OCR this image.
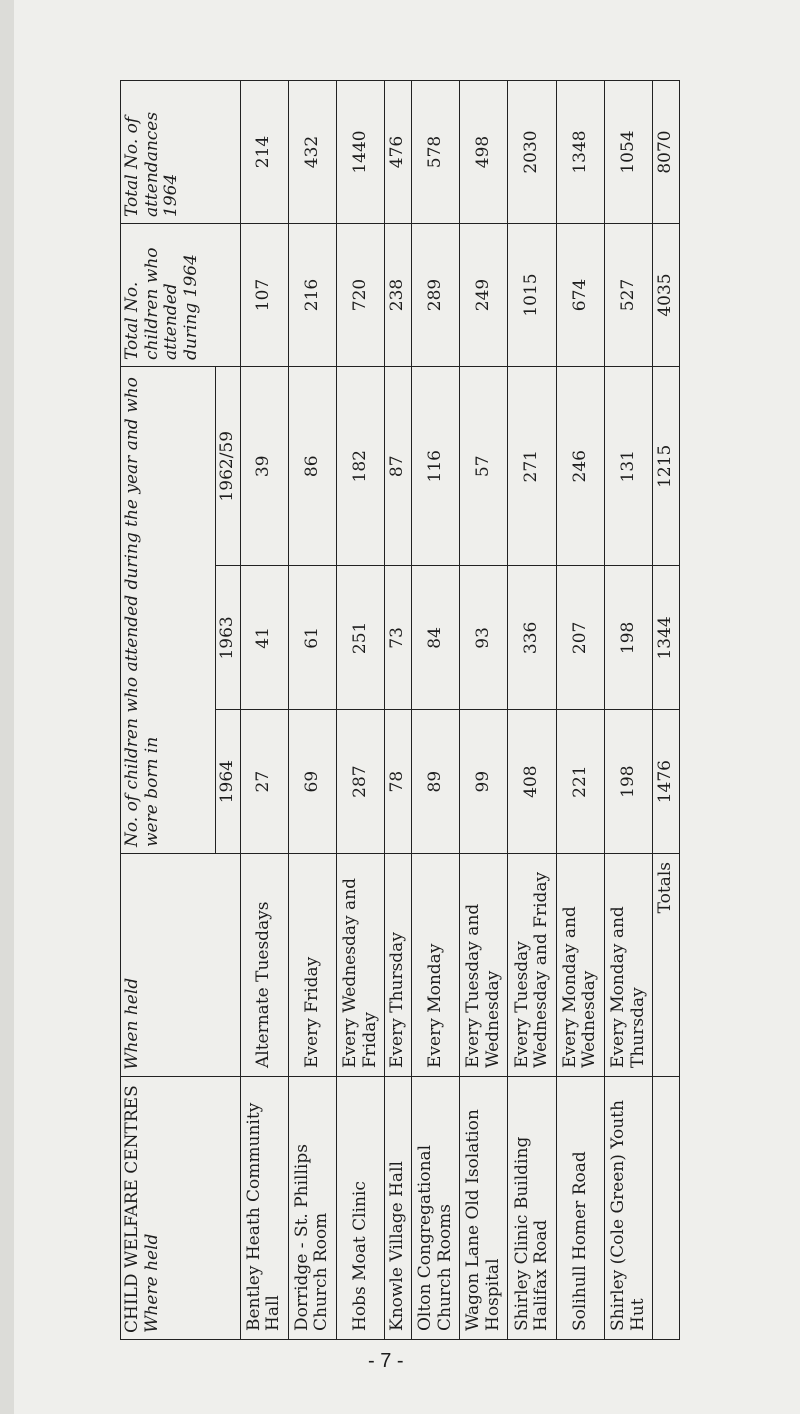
CHILD WELFARE CENTRES Where held	When held	No. of children who attended during the year and who were born in			Total No. children who attended during 1964	Total No. of attendances 1964
		1964	1963	1962/59		
Bentley Heath Community Hall	Alternate Tuesdays	27	41	39	107	214
Dorridge - St. Phillips Church Room	Every Friday	69	61	86	216	432
Hobs Moat Clinic	Every Wednesday and Friday	287	251	182	720	1440
Knowle Village Hall	Every Thursday	78	73	87	238	476
Olton Congregational Church Rooms	Every Monday	89	84	116	289	578
Wagon Lane Old Isolation Hospital	Every Tuesday and Wednesday	99	93	57	249	498
Shirley Clinic Building Halifax Road	Every Tuesday Wednesday and Friday	408	336	271	1015	2030
Solihull Homer Road	Every Monday and Wednesday	221	207	246	674	1348
Shirley (Cole Green) Youth Hut	Every Monday and Thursday	198	198	131	527	1054
	Totals	1476	1344	1215	4035	8070
- 7 -
